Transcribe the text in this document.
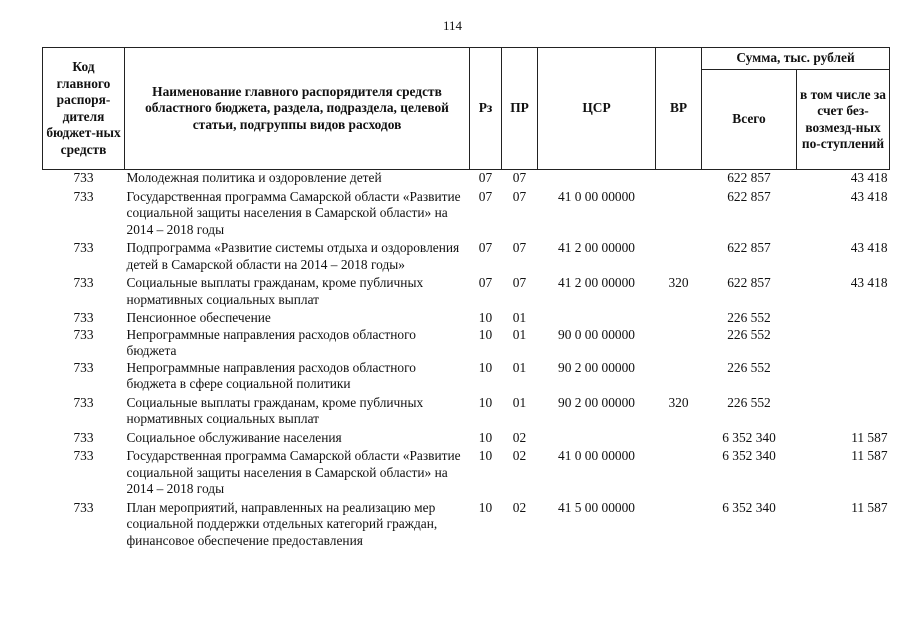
114
Код главного распоря-дителя бюджет-ных средств	Наименование главного распорядителя средств областного бюджета, раздела, подраздела, целевой статьи, подгруппы видов расходов	Рз	ПР	ЦСР	ВР	Сумма, тыс. рублей	
						Всего	в том числе за счет без-возмезд-ных по-ступлений
733	Молодежная политика и оздоровление детей	07	07			622 857	43 418
733	Государственная программа Самарской области «Развитие социальной защиты населения в Самарской области» на 2014 – 2018 годы	07	07	41 0 00 00000		622 857	43 418
733	Подпрограмма «Развитие системы отдыха и оздоровления детей в Самарской области на 2014 – 2018 годы»	07	07	41 2 00 00000		622 857	43 418
733	Социальные выплаты гражданам, кроме публичных нормативных социальных выплат	07	07	41 2 00 00000	320	622 857	43 418
733	Пенсионное обеспечение	10	01			226 552	
733	Непрограммные направления расходов областного бюджета	10	01	90 0 00 00000		226 552	
733	Непрограммные направления расходов областного бюджета в сфере социальной политики	10	01	90 2 00 00000		226 552	
733	Социальные выплаты гражданам, кроме публичных нормативных социальных выплат	10	01	90 2 00 00000	320	226 552	
733	Социальное обслуживание населения	10	02			6 352 340	11 587
733	Государственная программа Самарской области «Развитие социальной защиты населения в Самарской области» на 2014 – 2018 годы	10	02	41 0 00 00000		6 352 340	11 587
733	План мероприятий, направленных на реализацию мер социальной поддержки отдельных категорий граждан, финансовое обеспечение предоставления	10	02	41 5 00 00000		6 352 340	11 587
